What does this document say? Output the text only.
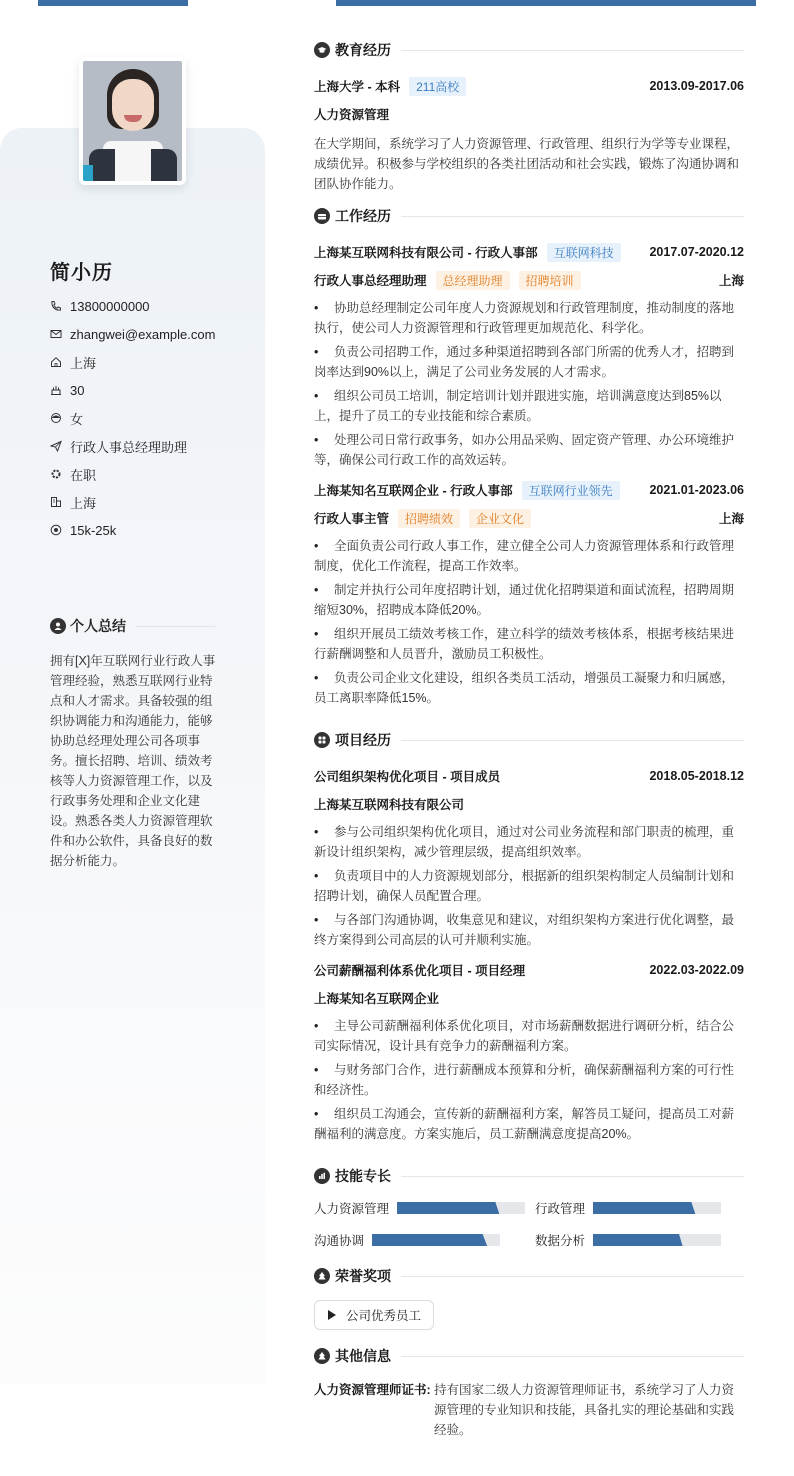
简小历
13800000000
zhangwei@example.com
上海
30
女
行政人事总经理助理
在职
上海
15k-25k
个人总结
拥有[X]年互联网行业行政人事管理经验，熟悉互联网行业特点和人才需求。具备较强的组织协调能力和沟通能力，能够协助总经理处理公司各项事务。擅长招聘、培训、绩效考核等人力资源管理工作，以及行政事务处理和企业文化建设。熟悉各类人力资源管理软件和办公软件，具备良好的数据分析能力。
教育经历
上海大学 - 本科	211高校	2013.09-2017.06
人力资源管理
在大学期间，系统学习了人力资源管理、行政管理、组织行为学等专业课程，成绩优异。积极参与学校组织的各类社团活动和社会实践，锻炼了沟通协调和团队协作能力。
工作经历
上海某互联网科技有限公司 - 行政人事部	互联网科技	2017.07-2020.12
行政人事总经理助理	总经理助理	招聘培训	上海
• 协助总经理制定公司年度人力资源规划和行政管理制度，推动制度的落地执行，使公司人力资源管理和行政管理更加规范化、科学化。
• 负责公司招聘工作，通过多种渠道招聘到各部门所需的优秀人才，招聘到岗率达到90%以上，满足了公司业务发展的人才需求。
• 组织公司员工培训，制定培训计划并跟进实施，培训满意度达到85%以上，提升了员工的专业技能和综合素质。
• 处理公司日常行政事务，如办公用品采购、固定资产管理、办公环境维护等，确保公司行政工作的高效运转。
上海某知名互联网企业 - 行政人事部	互联网行业领先	2021.01-2023.06
行政人事主管	招聘绩效	企业文化	上海
• 全面负责公司行政人事工作，建立健全公司人力资源管理体系和行政管理制度，优化工作流程，提高工作效率。
• 制定并执行公司年度招聘计划，通过优化招聘渠道和面试流程，招聘周期缩短30%，招聘成本降低20%。
• 组织开展员工绩效考核工作，建立科学的绩效考核体系，根据考核结果进行薪酬调整和人员晋升，激励员工积极性。
• 负责公司企业文化建设，组织各类员工活动，增强员工凝聚力和归属感，员工离职率降低15%。
项目经历
公司组织架构优化项目 - 项目成员	2018.05-2018.12
上海某互联网科技有限公司
• 参与公司组织架构优化项目，通过对公司业务流程和部门职责的梳理，重新设计组织架构，减少管理层级，提高组织效率。
• 负责项目中的人力资源规划部分，根据新的组织架构制定人员编制计划和招聘计划，确保人员配置合理。
• 与各部门沟通协调，收集意见和建议，对组织架构方案进行优化调整，最终方案得到公司高层的认可并顺利实施。
公司薪酬福利体系优化项目 - 项目经理	2022.03-2022.09
上海某知名互联网企业
• 主导公司薪酬福利体系优化项目，对市场薪酬数据进行调研分析，结合公司实际情况，设计具有竞争力的薪酬福利方案。
• 与财务部门合作，进行薪酬成本预算和分析，确保薪酬福利方案的可行性和经济性。
• 组织员工沟通会，宣传新的薪酬福利方案，解答员工疑问，提高员工对薪酬福利的满意度。方案实施后，员工薪酬满意度提高20%。
技能专长
人力资源管理	行政管理
沟通协调	数据分析
荣誉奖项
公司优秀员工
其他信息
人力资源管理师证书: 持有国家二级人力资源管理师证书，系统学习了人力资源管理的专业知识和技能，具备扎实的理论基础和实践经验。
